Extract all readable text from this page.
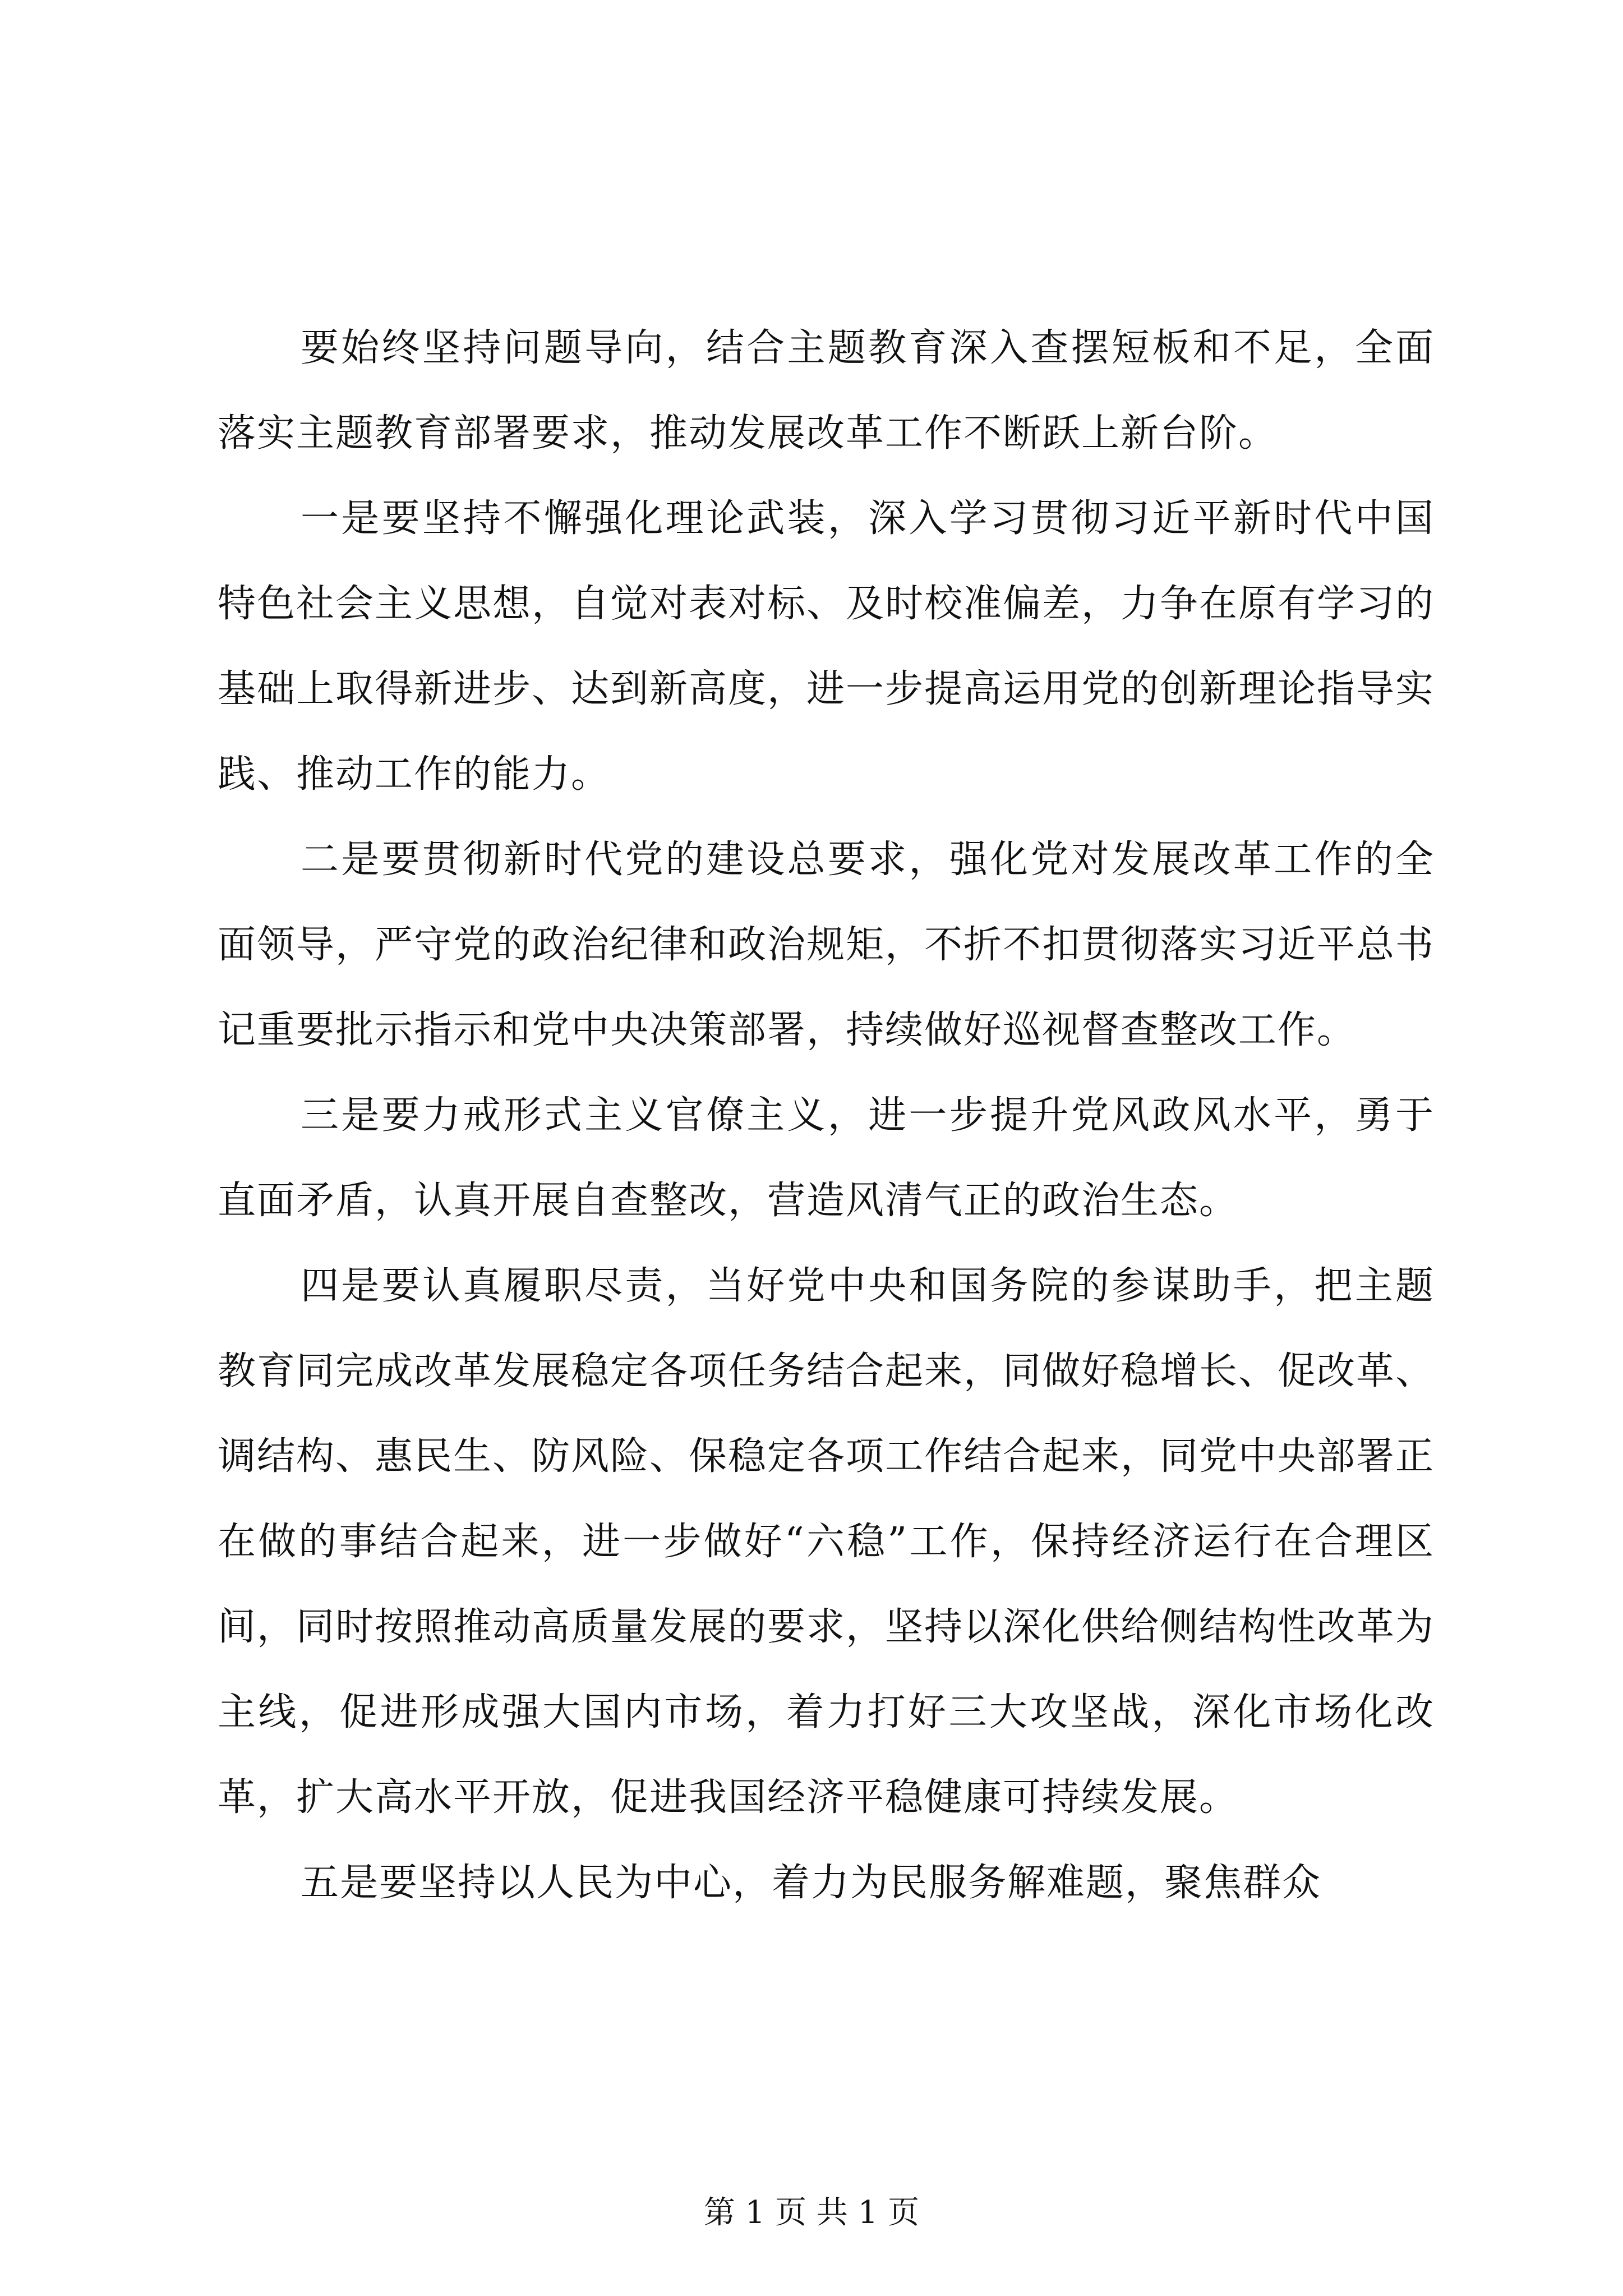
要始终坚持问题导向，结合主题教育深入查摆短板和不足，全面落实主题教育部署要求，推动发展改革工作不断跃上新台阶。

一是要坚持不懈强化理论武装，深入学习贯彻习近平新时代中国特色社会主义思想，自觉对表对标、及时校准偏差，力争在原有学习的基础上取得新进步、达到新高度，进一步提高运用党的创新理论指导实践、推动工作的能力。

二是要贯彻新时代党的建设总要求，强化党对发展改革工作的全面领导，严守党的政治纪律和政治规矩，不折不扣贯彻落实习近平总书记重要批示指示和党中央决策部署，持续做好巡视督查整改工作。

三是要力戒形式主义官僚主义，进一步提升党风政风水平，勇于直面矛盾，认真开展自查整改，营造风清气正的政治生态。

四是要认真履职尽责，当好党中央和国务院的参谋助手，把主题教育同完成改革发展稳定各项任务结合起来，同做好稳增长、促改革、调结构、惠民生、防风险、保稳定各项工作结合起来，同党中央部署正在做的事结合起来，进一步做好“六稳”工作，保持经济运行在合理区间，同时按照推动高质量发展的要求，坚持以深化供给侧结构性改革为主线，促进形成强大国内市场，着力打好三大攻坚战，深化市场化改革，扩大高水平开放，促进我国经济平稳健康可持续发展。

五是要坚持以人民为中心，着力为民服务解难题，聚焦群众

第 1 页 共 1 页
